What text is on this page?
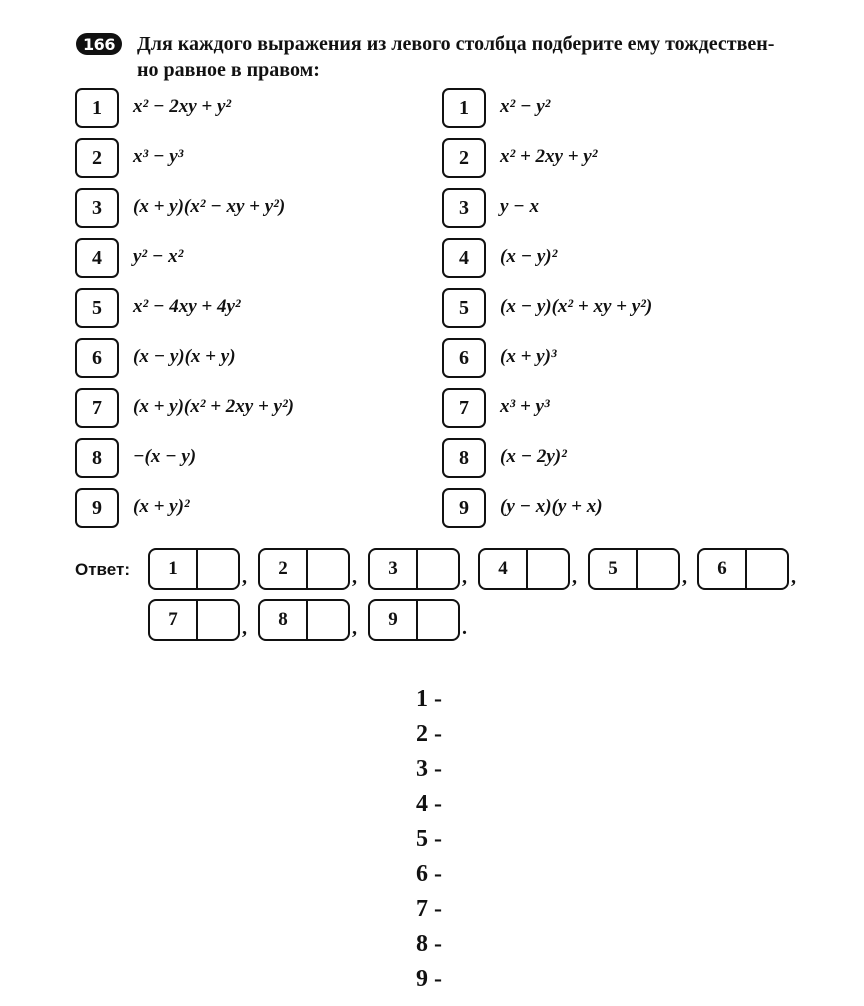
166	Для каждого выражения из левого столбца подберите ему тождествен-
но равное в правом:
1	x² − 2xy + y²
2	x³ − y³
3	(x + y)(x² − xy + y²)
4	y² − x²
5	x² − 4xy + 4y²
6	(x − y)(x + y)
7	(x + y)(x² + 2xy + y²)
8	−(x − y)
9	(x + y)²
1	x² − y²
2	x² + 2xy + y²
3	y − x
4	(x − y)²
5	(x − y)(x² + xy + y²)
6	(x + y)³
7	x³ + y³
8	(x − 2y)²
9	(y − x)(y + x)
Ответ:	1	,	2	,	3	,	4	,	5	,	6	,
7	,	8	,	9	.
1 -
2 -
3 -
4 -
5 -
6 -
7 -
8 -
9 -
